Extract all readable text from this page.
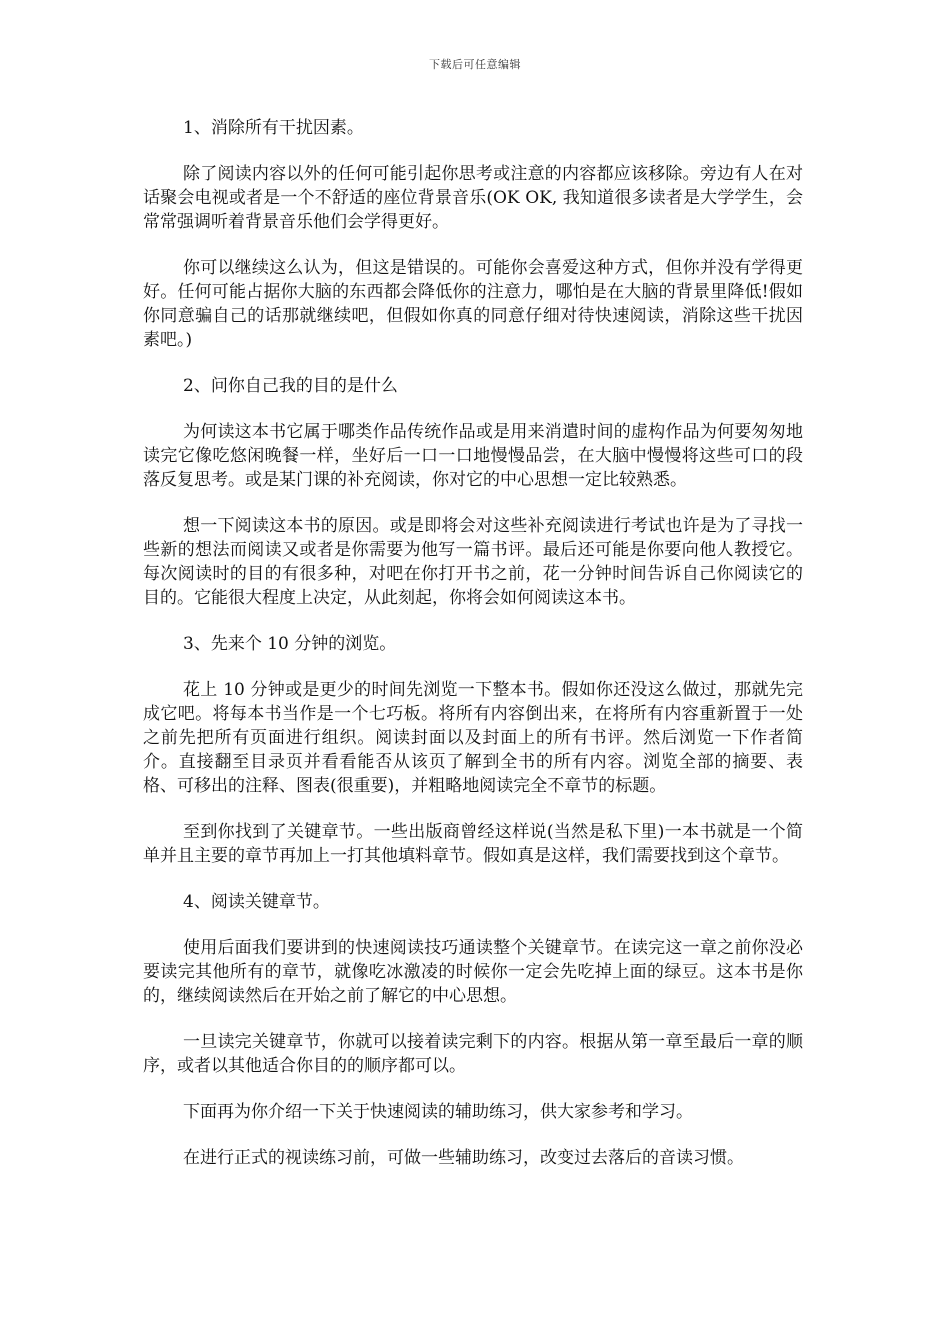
下载后可任意编辑

1、消除所有干扰因素。

除了阅读内容以外的任何可能引起你思考或注意的内容都应该移除。旁边有人在对话聚会电视或者是一个不舒适的座位背景音乐(OK OK, 我知道很多读者是大学学生，会常常强调听着背景音乐他们会学得更好。

你可以继续这么认为，但这是错误的。可能你会喜爱这种方式，但你并没有学得更好。任何可能占据你大脑的东西都会降低你的注意力，哪怕是在大脑的背景里降低!假如你同意骗自己的话那就继续吧，但假如你真的同意仔细对待快速阅读，消除这些干扰因素吧。)

2、问你自己我的目的是什么

为何读这本书它属于哪类作品传统作品或是用来消遣时间的虚构作品为何要匆匆地读完它像吃悠闲晚餐一样，坐好后一口一口地慢慢品尝，在大脑中慢慢将这些可口的段落反复思考。或是某门课的补充阅读，你对它的中心思想一定比较熟悉。

想一下阅读这本书的原因。或是即将会对这些补充阅读进行考试也许是为了寻找一些新的想法而阅读又或者是你需要为他写一篇书评。最后还可能是你要向他人教授它。每次阅读时的目的有很多种，对吧在你打开书之前，花一分钟时间告诉自己你阅读它的目的。它能很大程度上决定，从此刻起，你将会如何阅读这本书。

3、先来个 10 分钟的浏览。

花上 10 分钟或是更少的时间先浏览一下整本书。假如你还没这么做过，那就先完成它吧。将每本书当作是一个七巧板。将所有内容倒出来，在将所有内容重新置于一处之前先把所有页面进行组织。阅读封面以及封面上的所有书评。然后浏览一下作者简介。直接翻至目录页并看看能否从该页了解到全书的所有内容。浏览全部的摘要、表格、可移出的注释、图表(很重要)，并粗略地阅读完全不章节的标题。

至到你找到了关键章节。一些出版商曾经这样说(当然是私下里)一本书就是一个简单并且主要的章节再加上一打其他填料章节。假如真是这样，我们需要找到这个章节。

4、阅读关键章节。

使用后面我们要讲到的快速阅读技巧通读整个关键章节。在读完这一章之前你没必要读完其他所有的章节，就像吃冰激凌的时候你一定会先吃掉上面的绿豆。这本书是你的，继续阅读然后在开始之前了解它的中心思想。

一旦读完关键章节，你就可以接着读完剩下的内容。根据从第一章至最后一章的顺序，或者以其他适合你目的的顺序都可以。

下面再为你介绍一下关于快速阅读的辅助练习，供大家参考和学习。

在进行正式的视读练习前，可做一些辅助练习，改变过去落后的音读习惯。
